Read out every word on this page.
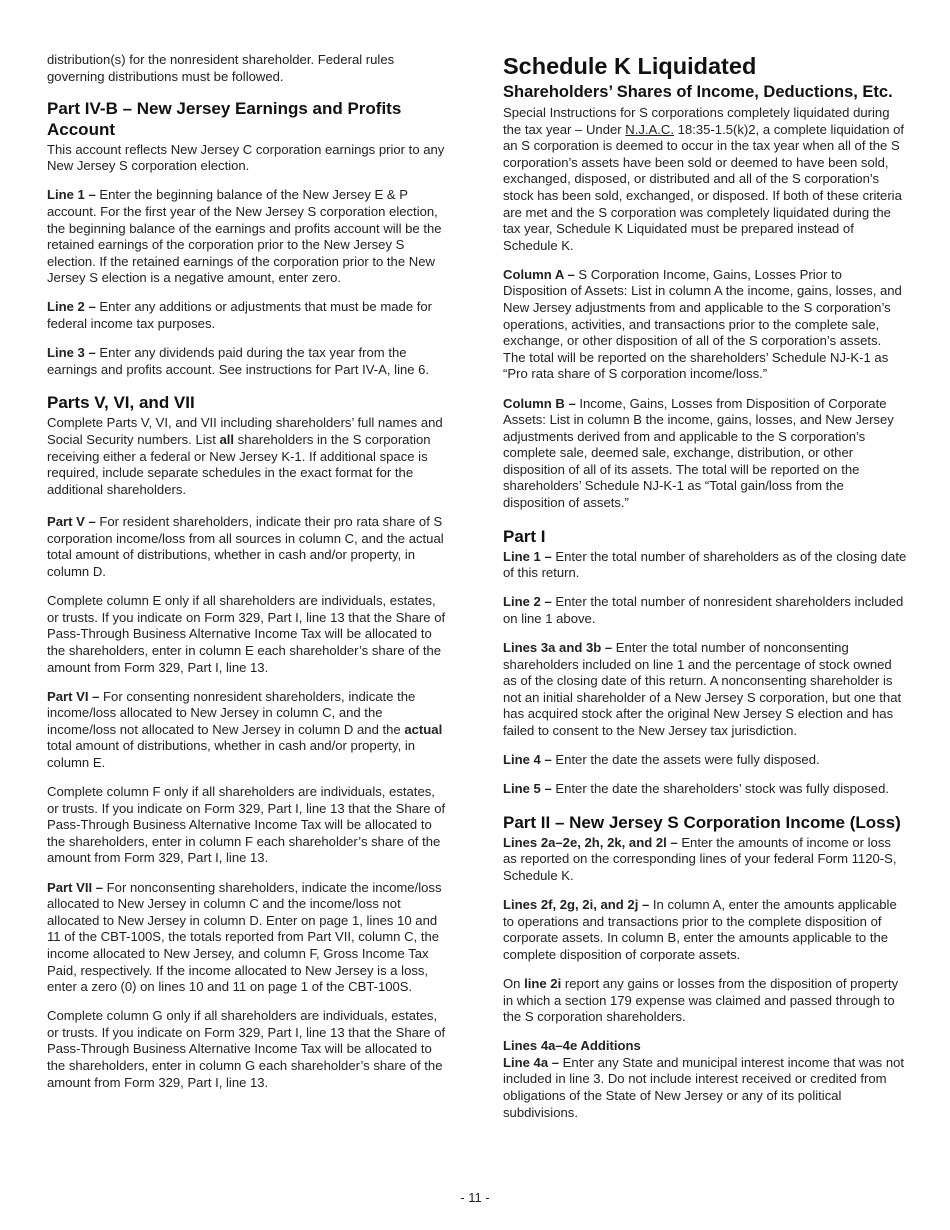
distribution(s) for the nonresident shareholder. Federal rules governing distributions must be followed.

Part IV-B – New Jersey Earnings and Profits Account

This account reflects New Jersey C corporation earnings prior to any New Jersey S corporation election.

Line 1 – Enter the beginning balance of the New Jersey E & P account. For the first year of the New Jersey S corporation election, the beginning balance of the earnings and profits account will be the retained earnings of the corporation prior to the New Jersey S election. If the retained earnings of the corporation prior to the New Jersey S election is a negative amount, enter zero.

Line 2 – Enter any additions or adjustments that must be made for federal income tax purposes.

Line 3 – Enter any dividends paid during the tax year from the earnings and profits account. See instructions for Part IV-A, line 6.

Parts V, VI, and VII

Complete Parts V, VI, and VII including shareholders’ full names and Social Security numbers. List all shareholders in the S corporation receiving either a federal or New Jersey K-1. If additional space is required, include separate schedules in the exact format for the additional shareholders.

Part V – For resident shareholders, indicate their pro rata share of S corporation income/loss from all sources in column C, and the actual total amount of distributions, whether in cash and/or property, in column D.

Complete column E only if all shareholders are individuals, estates, or trusts. If you indicate on Form 329, Part I, line 13 that the Share of Pass-Through Business Alternative Income Tax will be allocated to the shareholders, enter in column E each shareholder’s share of the amount from Form 329, Part I, line 13.

Part VI – For consenting nonresident shareholders, indicate the income/loss allocated to New Jersey in column C, and the income/loss not allocated to New Jersey in column D and the actual total amount of distributions, whether in cash and/or property, in column E.

Complete column F only if all shareholders are individuals, estates, or trusts. If you indicate on Form 329, Part I, line 13 that the Share of Pass-Through Business Alternative Income Tax will be allocated to the shareholders, enter in column F each shareholder’s share of the amount from Form 329, Part I, line 13.

Part VII – For nonconsenting shareholders, indicate the income/loss allocated to New Jersey in column C and the income/loss not allocated to New Jersey in column D. Enter on page 1, lines 10 and 11 of the CBT-100S, the totals reported from Part VII, column C, the income allocated to New Jersey, and column F, Gross Income Tax Paid, respectively. If the income allocated to New Jersey is a loss, enter a zero (0) on lines 10 and 11 on page 1 of the CBT-100S.

Complete column G only if all shareholders are individuals, estates, or trusts. If you indicate on Form 329, Part I, line 13 that the Share of Pass-Through Business Alternative Income Tax will be allocated to the shareholders, enter in column G each shareholder’s share of the amount from Form 329, Part I, line 13.

Schedule K Liquidated
Shareholders’ Shares of Income, Deductions, Etc.

Special Instructions for S corporations completely liquidated during the tax year – Under N.J.A.C. 18:35-1.5(k)2, a complete liquidation of an S corporation is deemed to occur in the tax year when all of the S corporation’s assets have been sold or deemed to have been sold, exchanged, disposed, or distributed and all of the S corporation’s stock has been sold, exchanged, or disposed. If both of these criteria are met and the S corporation was completely liquidated during the tax year, Schedule K Liquidated must be prepared instead of Schedule K.

Column A – S Corporation Income, Gains, Losses Prior to Disposition of Assets: List in column A the income, gains, losses, and New Jersey adjustments from and applicable to the S corporation’s operations, activities, and transactions prior to the complete sale, exchange, or other disposition of all of the S corporation’s assets. The total will be reported on the shareholders’ Schedule NJ-K-1 as “Pro rata share of S corporation income/loss.”

Column B – Income, Gains, Losses from Disposition of Corporate Assets: List in column B the income, gains, losses, and New Jersey adjustments derived from and applicable to the S corporation’s complete sale, deemed sale, exchange, distribution, or other disposition of all of its assets. The total will be reported on the shareholders’ Schedule NJ-K-1 as “Total gain/loss from the disposition of assets.”

Part I

Line 1 – Enter the total number of shareholders as of the closing date of this return.

Line 2 – Enter the total number of nonresident shareholders included on line 1 above.

Lines 3a and 3b – Enter the total number of nonconsenting shareholders included on line 1 and the percentage of stock owned as of the closing date of this return. A nonconsenting shareholder is not an initial shareholder of a New Jersey S corporation, but one that has acquired stock after the original New Jersey S election and has failed to consent to the New Jersey tax jurisdiction.

Line 4 – Enter the date the assets were fully disposed.

Line 5 – Enter the date the shareholders’ stock was fully disposed.

Part II – New Jersey S Corporation Income (Loss)

Lines 2a–2e, 2h, 2k, and 2l – Enter the amounts of income or loss as reported on the corresponding lines of your federal Form 1120-S, Schedule K.

Lines 2f, 2g, 2i, and 2j – In column A, enter the amounts applicable to operations and transactions prior to the complete disposition of corporate assets. In column B, enter the amounts applicable to the complete disposition of corporate assets.

On line 2i report any gains or losses from the disposition of property in which a section 179 expense was claimed and passed through to the S corporation shareholders.

Lines 4a–4e Additions

Line 4a – Enter any State and municipal interest income that was not included in line 3. Do not include interest received or credited from obligations of the State of New Jersey or any of its political subdivisions.

- 11 -
